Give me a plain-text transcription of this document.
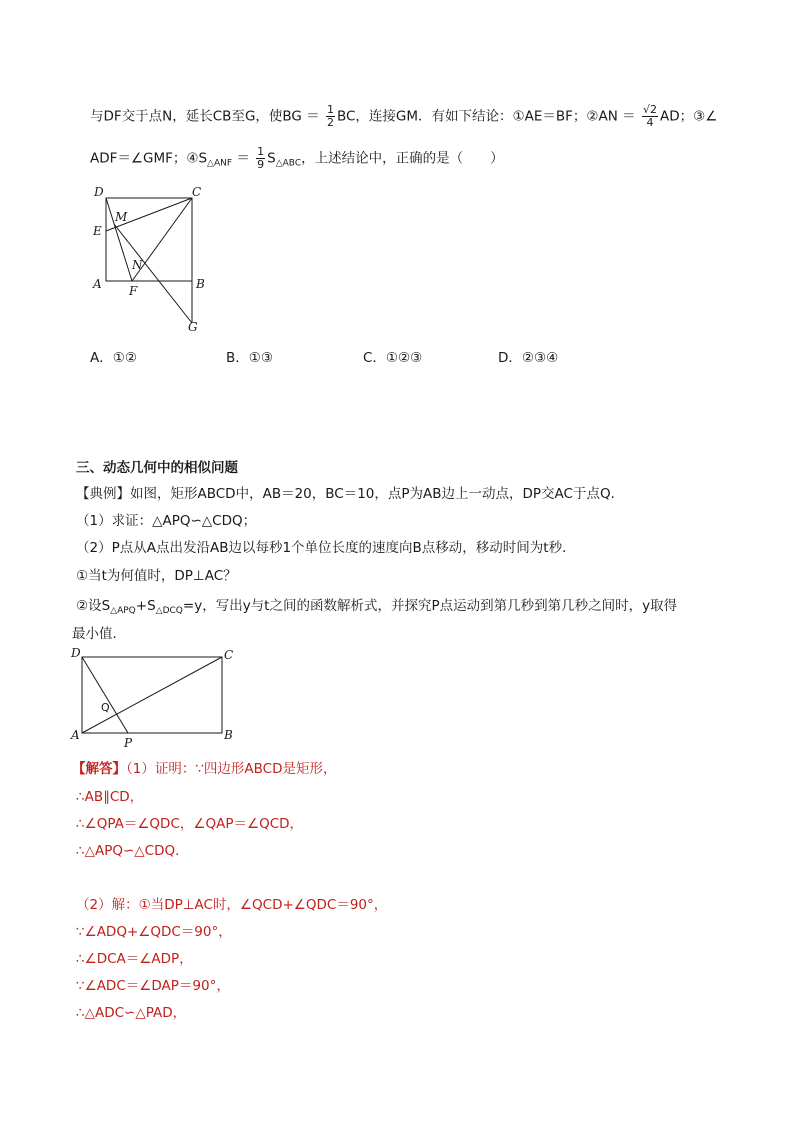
与DF交于点N，延长CB至G，使BG ＝ $\frac{1}{2}$ BC，连接GM．有如下结论：①AE＝BF；②AN ＝ $\frac{√2}{4}$ AD；③∠
ADF＝∠GMF；$④S_{\triangle ANF} = \frac{1}{9} S_{\triangle ABC}$，上述结论中，正确的是（　　）
D	C
M
E
N
A F	B
G
A．①②	B．①③	C．①②③	D．②③④
三、动态几何中的相似问题
【典例】如图，矩形ABCD中，AB＝20，BC＝10，点P为AB边上一动点，DP交AC于点Q．
（1）求证：△APQ∽△CDQ；
（2）P点从A点出发沿AB边以每秒1个单位长度的速度向B点移动，移动时间为t秒．
①当t为何值时，DP⊥AC？
②设$S_{\triangle APQ}+S_{\triangle DCQ}=y$，写出y与t之间的函数解析式，并探究P点运动到第几秒到第几秒之间时，y取得
最小值．
D	C
Q
A
P
B
【解答】（1）证明：∵四边形ABCD是矩形，
∴AB∥CD，
∴∠QPA＝∠QDC，∠QAP＝∠QCD，
∴△APQ∽△CDQ．
（2）解：①当DP⊥AC时，∠QCD+∠QDC＝90°，
∵∠ADQ+∠QDC＝90°，
∴∠DCA＝∠ADP，
∵∠ADC＝∠DAP＝90°，
∴△ADC∽△PAD，
